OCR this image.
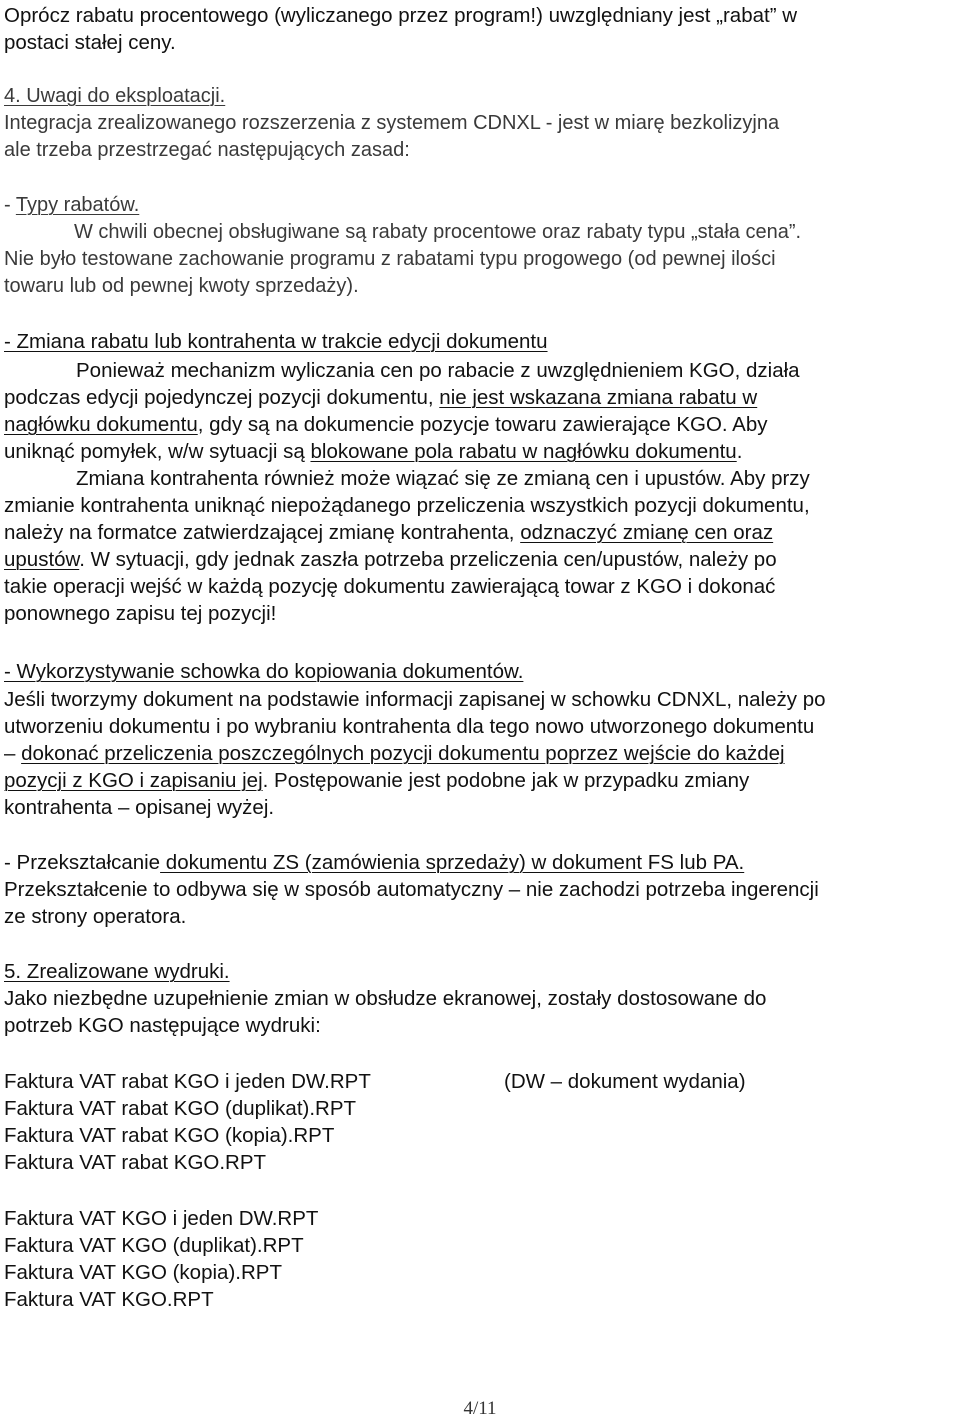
Oprócz rabatu procentowego (wyliczanego przez program!) uwzględniany jest „rabat” w
postaci stałej ceny.
4. Uwagi do eksploatacji.
Integracja zrealizowanego rozszerzenia z systemem CDNXL - jest w miarę bezkolizyjna
ale trzeba przestrzegać następujących zasad:
- Typy rabatów.
W chwili obecnej obsługiwane są rabaty procentowe oraz rabaty typu „stała cena”.
Nie było testowane zachowanie programu z rabatami typu progowego (od pewnej ilości
towaru lub od pewnej kwoty sprzedaży).
- Zmiana rabatu lub kontrahenta w trakcie edycji dokumentu
Ponieważ mechanizm wyliczania cen po rabacie z uwzględnieniem KGO, działa
podczas edycji pojedynczej pozycji dokumentu, nie jest wskazana zmiana rabatu w
nagłówku dokumentu, gdy są na dokumencie pozycje towaru zawierające KGO. Aby
uniknąć pomyłek, w/w sytuacji są blokowane pola rabatu w nagłówku dokumentu.
Zmiana kontrahenta również może wiązać się ze zmianą cen i upustów. Aby przy
zmianie kontrahenta uniknąć niepożądanego przeliczenia wszystkich pozycji dokumentu,
należy na formatce zatwierdzającej zmianę kontrahenta, odznaczyć zmianę cen oraz
upustów. W sytuacji, gdy jednak zaszła potrzeba przeliczenia cen/upustów, należy po
takie operacji wejść w każdą pozycję dokumentu zawierającą towar z KGO i dokonać
ponownego zapisu tej pozycji!
- Wykorzystywanie schowka do kopiowania dokumentów.
Jeśli tworzymy dokument na podstawie informacji zapisanej w schowku CDNXL, należy po
utworzeniu dokumentu i po wybraniu kontrahenta dla tego nowo utworzonego dokumentu
– dokonać przeliczenia poszczególnych pozycji dokumentu poprzez wejście do każdej
pozycji z KGO i zapisaniu jej. Postępowanie jest podobne jak w przypadku zmiany
kontrahenta – opisanej wyżej.
- Przekształcanie dokumentu ZS (zamówienia sprzedaży) w dokument FS lub PA.
Przekształcenie to odbywa się w sposób automatyczny – nie zachodzi potrzeba ingerencji
ze strony operatora.
5. Zrealizowane wydruki.
Jako niezbędne uzupełnienie zmian w obsłudze ekranowej, zostały dostosowane do
potrzeb KGO następujące wydruki:
Faktura VAT rabat KGO i jeden DW.RPT	(DW – dokument wydania)
Faktura VAT rabat KGO (duplikat).RPT
Faktura VAT rabat KGO (kopia).RPT
Faktura VAT rabat KGO.RPT
Faktura VAT KGO i jeden DW.RPT
Faktura VAT KGO (duplikat).RPT
Faktura VAT KGO (kopia).RPT
Faktura VAT KGO.RPT
4/11
